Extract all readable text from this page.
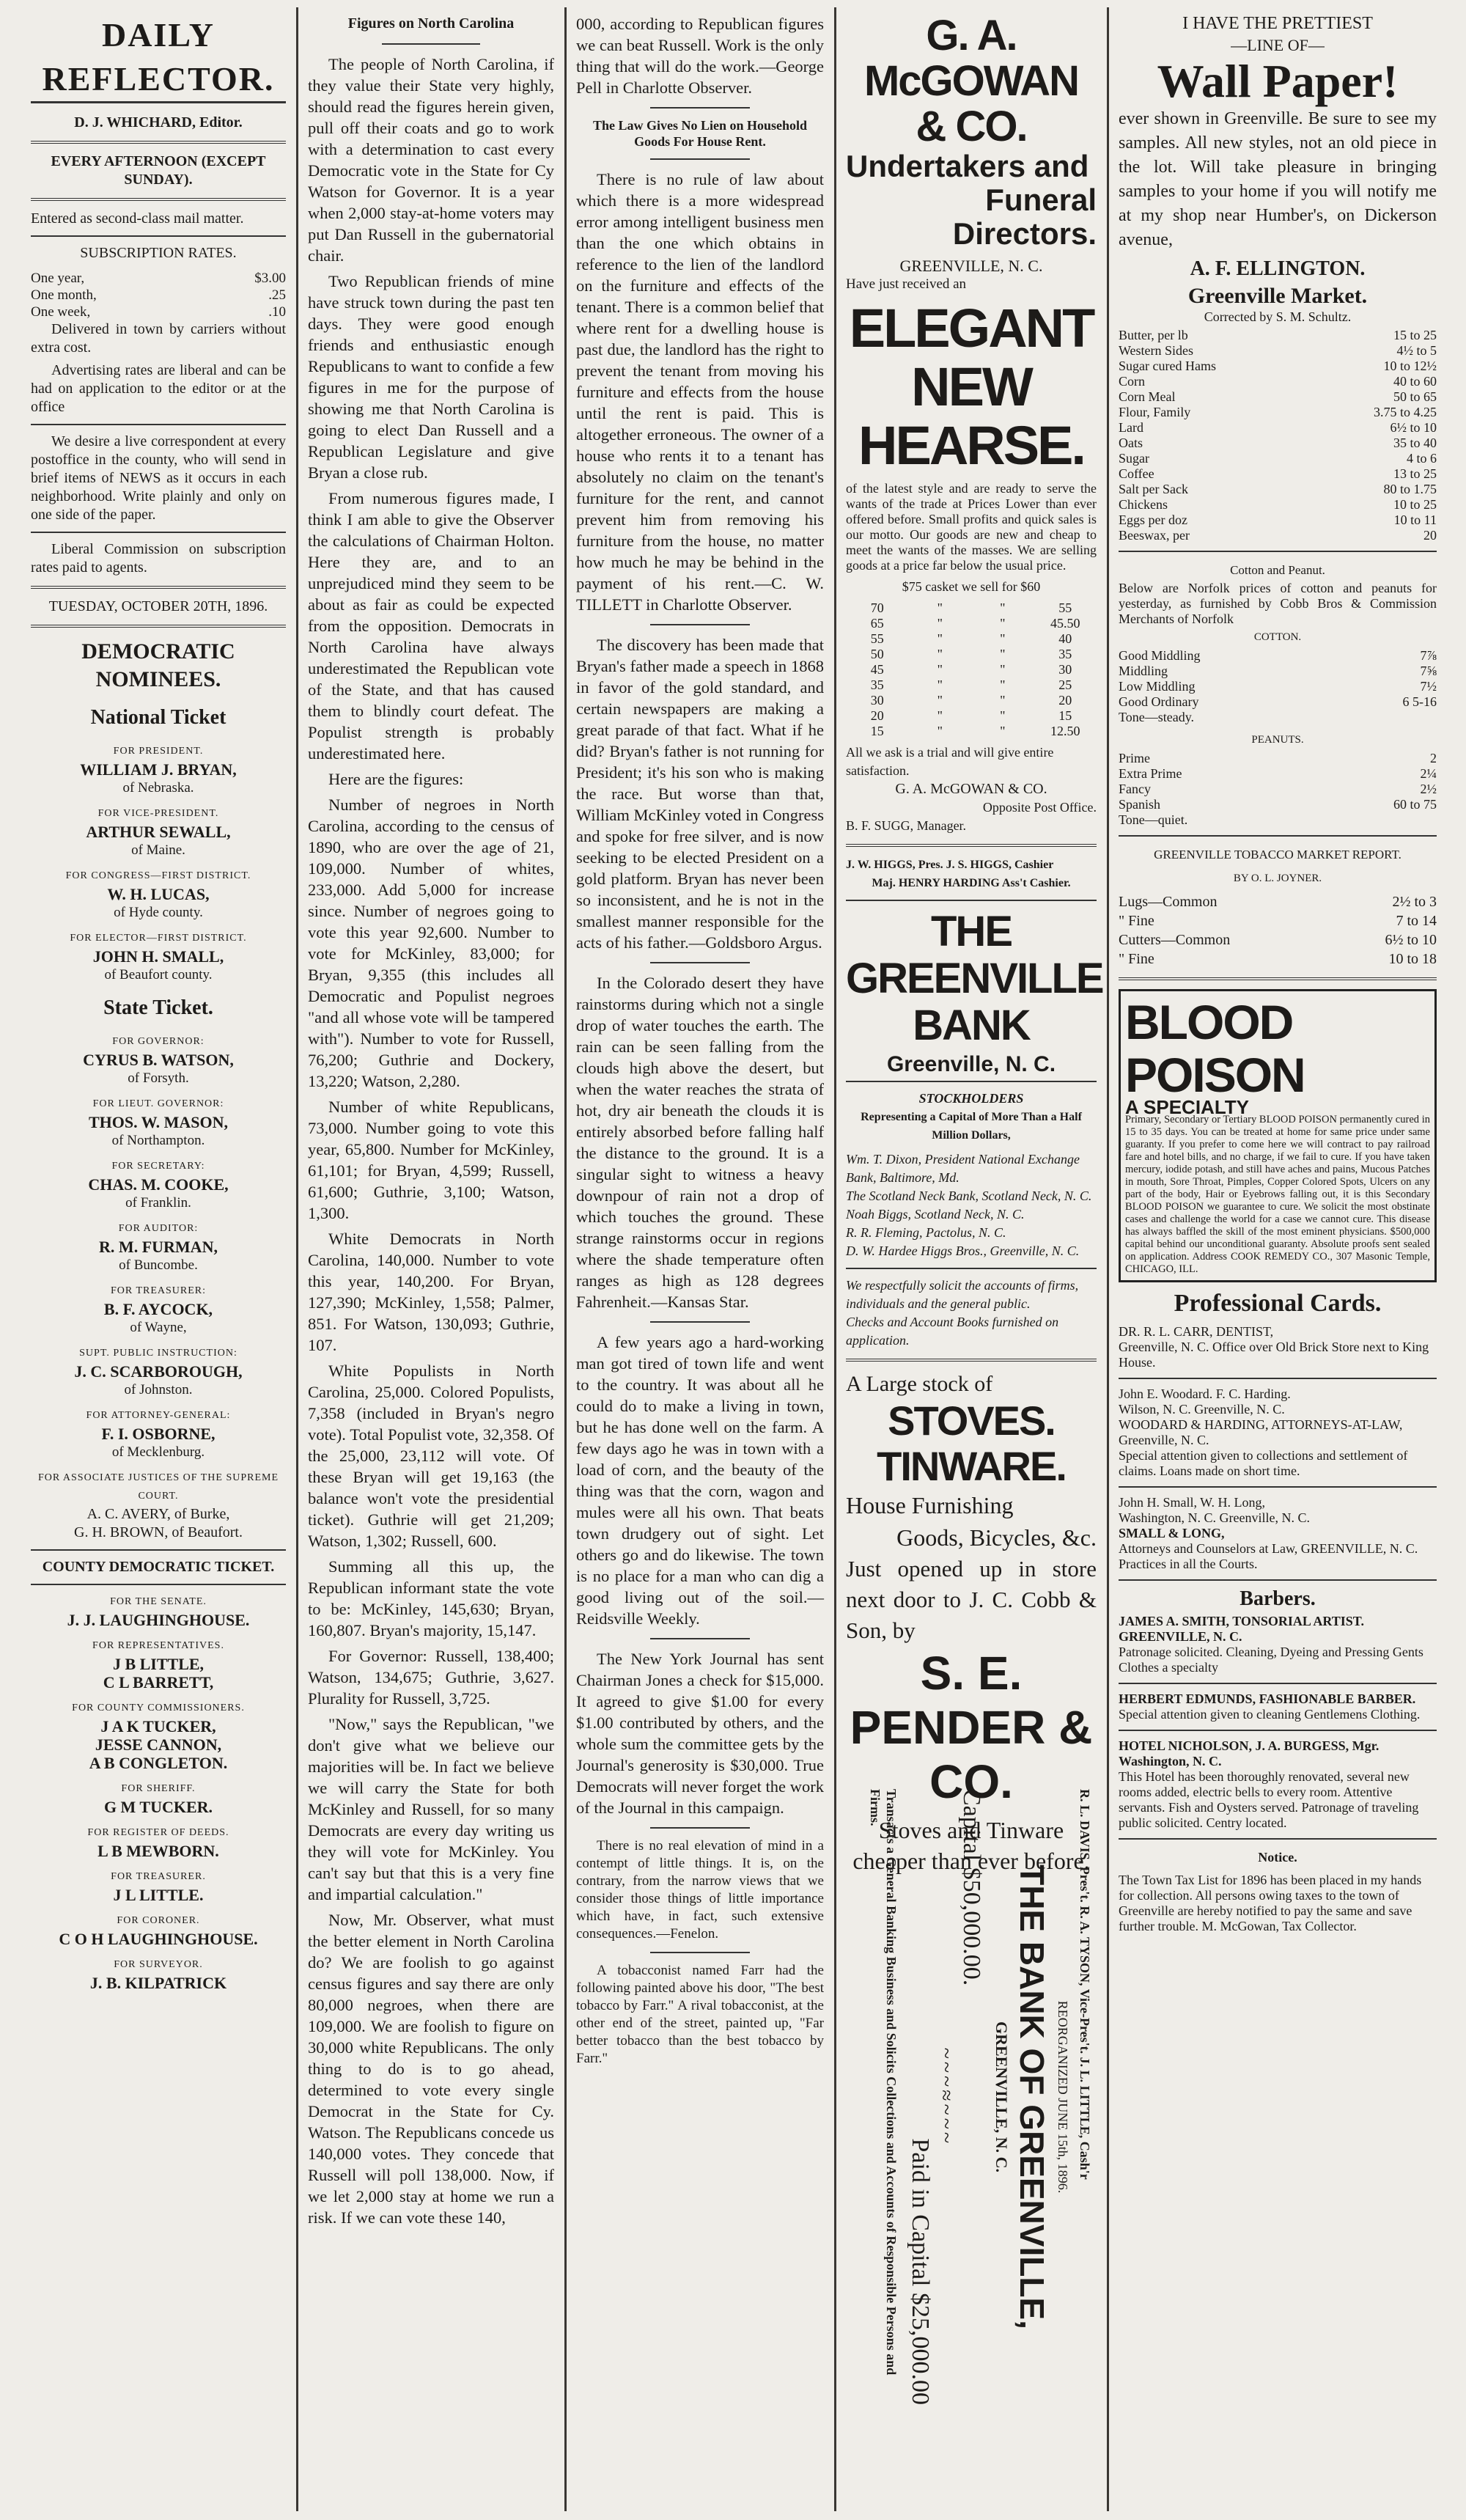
DAILY REFLECTOR.
D. J. WHICHARD, Editor.
EVERY AFTERNOON (EXCEPT SUNDAY).
Entered as second-class mail matter.
SUBSCRIPTION RATES.
One year,	$3.00
One month,	.25
One week,	.10

Delivered in town by carriers without extra cost.

Advertising rates are liberal and can be had on application to the editor or at the office

We desire a live correspondent at every postoffice in the county, who will send in brief items of NEWS as it occurs in each neighborhood. Write plainly and only on one side of the paper.

Liberal Commission on subscription rates paid to agents.

TUESDAY, OCTOBER 20TH, 1896.
DEMOCRATIC NOMINEES.
National Ticket
FOR PRESIDENT.
WILLIAM J. BRYAN,
of Nebraska.
FOR VICE-PRESIDENT.
ARTHUR SEWALL,
of Maine.
FOR CONGRESS—FIRST DISTRICT.
W. H. LUCAS,
of Hyde county.
FOR ELECTOR—FIRST DISTRICT.
JOHN H. SMALL,
of Beaufort county.
State Ticket.
FOR GOVERNOR:
CYRUS B. WATSON,
of Forsyth.
FOR LIEUT. GOVERNOR:
THOS. W. MASON,
of Northampton.
FOR SECRETARY:
CHAS. M. COOKE,
of Franklin.
FOR AUDITOR:
R. M. FURMAN,
of Buncombe.
FOR TREASURER:
B. F. AYCOCK,
of Wayne,
SUPT. PUBLIC INSTRUCTION:
J. C. SCARBOROUGH,
of Johnston.
FOR ATTORNEY-GENERAL:
F. I. OSBORNE,
of Mecklenburg.
FOR ASSOCIATE JUSTICES OF THE SUPREME COURT.
A. C. AVERY, of Burke,
G. H. BROWN, of Beaufort.
COUNTY DEMOCRATIC TICKET.
FOR THE SENATE.
J. J. LAUGHINGHOUSE.
FOR REPRESENTATIVES.
J B LITTLE,
C L BARRETT,
FOR COUNTY COMMISSIONERS.
J A K TUCKER,
JESSE CANNON,
A B CONGLETON.
FOR SHERIFF.
G M TUCKER.
FOR REGISTER OF DEEDS.
L B MEWBORN.
FOR TREASURER.
J L LITTLE.
FOR CORONER.
C O H LAUGHINGHOUSE.
FOR SURVEYOR.
J. B. KILPATRICK
Figures on North Carolina

The people of North Carolina, if they value their State very highly, should read the figures herein given, pull off their coats and go to work with a determination to cast every Democratic vote in the State for Cy Watson for Governor. It is a year when 2,000 stay-at-home voters may put Dan Russell in the gubernatorial chair.

Two Republican friends of mine have struck town during the past ten days. They were good enough friends and enthusiastic enough Republicans to want to confide a few figures in me for the purpose of showing me that North Carolina is going to elect Dan Russell and a Republican Legislature and give Bryan a close rub.

From numerous figures made, I think I am able to give the Observer the calculations of Chairman Holton. Here they are, and to an unprejudiced mind they seem to be about as fair as could be expected from the opposition. Democrats in North Carolina have always underestimated the Republican vote of the State, and that has caused them to blindly court defeat. The Populist strength is probably underestimated here.

Here are the figures:

Number of negroes in North Carolina, according to the census of 1890, who are over the age of 21, 109,000. Number of whites, 233,000. Add 5,000 for increase since. Number of negroes going to vote this year 92,600. Number to vote for McKinley, 83,000; for Bryan, 9,355 (this includes all Democratic and Populist negroes "and all whose vote will be tampered with"). Number to vote for Russell, 76,200; Guthrie and Dockery, 13,220; Watson, 2,280.

Number of white Republicans, 73,000. Number going to vote this year, 65,800. Number for McKinley, 61,101; for Bryan, 4,599; Russell, 61,600; Guthrie, 3,100; Watson, 1,300.

White Democrats in North Carolina, 140,000. Number to vote this year, 140,200. For Bryan, 127,390; McKinley, 1,558; Palmer, 851. For Watson, 130,093; Guthrie, 107.

White Populists in North Carolina, 25,000. Colored Populists, 7,358 (included in Bryan's negro vote). Total Populist vote, 32,358. Of the 25,000, 23,112 will vote. Of these Bryan will get 19,163 (the balance won't vote the presidential ticket). Guthrie will get 21,209; Watson, 1,302; Russell, 600.

Summing all this up, the Republican informant state the vote to be: McKinley, 145,630; Bryan, 160,807. Bryan's majority, 15,147.

For Governor: Russell, 138,400; Watson, 134,675; Guthrie, 3,627. Plurality for Russell, 3,725.

"Now," says the Republican, "we don't give what we believe our majorities will be. In fact we believe we will carry the State for both McKinley and Russell, for so many Democrats are every day writing us they will vote for McKinley. You can't say but that this is a very fine and impartial calculation."

Now, Mr. Observer, what must the better element in North Carolina do? We are foolish to go against census figures and say there are only 80,000 negroes, when there are 109,000. We are foolish to figure on 30,000 white Republicans. The only thing to do is to go ahead, determined to vote every single Democrat in the State for Cy. Watson. The Republicans concede us 140,000 votes. They concede that Russell will poll 138,000. Now, if we let 2,000 stay at home we run a risk. If we can vote these 140,

000, according to Republican figures we can beat Russell. Work is the only thing that will do the work.—George Pell in Charlotte Observer.

The Law Gives No Lien on Household Goods For House Rent.

There is no rule of law about which there is a more widespread error among intelligent business men than the one which obtains in reference to the lien of the landlord on the furniture and effects of the tenant. There is a common belief that where rent for a dwelling house is past due, the landlord has the right to prevent the tenant from moving his furniture and effects from the house until the rent is paid. This is altogether erroneous. The owner of a house who rents it to a tenant has absolutely no claim on the tenant's furniture for the rent, and cannot prevent him from removing his furniture from the house, no matter how much he may be behind in the payment of his rent.—C. W. TILLETT in Charlotte Observer.

The discovery has been made that Bryan's father made a speech in 1868 in favor of the gold standard, and certain newspapers are making a great parade of that fact. What if he did? Bryan's father is not running for President; it's his son who is making the race. But worse than that, William McKinley voted in Congress and spoke for free silver, and is now seeking to be elected President on a gold platform. Bryan has never been so inconsistent, and he is not in the smallest manner responsible for the acts of his father.—Goldsboro Argus.

In the Colorado desert they have rainstorms during which not a single drop of water touches the earth. The rain can be seen falling from the clouds high above the desert, but when the water reaches the strata of hot, dry air beneath the clouds it is entirely absorbed before falling half the distance to the ground. It is a singular sight to witness a heavy downpour of rain not a drop of which touches the ground. These strange rainstorms occur in regions where the shade temperature often ranges as high as 128 degrees Fahrenheit.—Kansas Star.

A few years ago a hard-working man got tired of town life and went to the country. It was about all he could do to make a living in town, but he has done well on the farm. A few days ago he was in town with a load of corn, and the beauty of the thing was that the corn, wagon and mules were all his own. That beats town drudgery out of sight. Let others go and do likewise. The town is no place for a man who can dig a good living out of the soil.—Reidsville Weekly.

The New York Journal has sent Chairman Jones a check for $15,000. It agreed to give $1.00 for every $1.00 contributed by others, and the whole sum the committee gets by the Journal's generosity is $30,000. True Democrats will never forget the work of the Journal in this campaign.

There is no real elevation of mind in a contempt of little things. It is, on the contrary, from the narrow views that we consider those things of little importance which have, in fact, such extensive consequences.—Fenelon.

A tobacconist named Farr had the following painted above his door, "The best tobacco by Farr." A rival tobacconist, at the other end of the street, painted up, "Far better tobacco than the best tobacco by Farr."

G. A. McGOWAN & CO.
Undertakers and
Funeral Directors.
GREENVILLE, N. C.
Have just received an
ELEGANT NEW HEARSE.

of the latest style and are ready to serve the wants of the trade at Prices Lower than ever offered before. Small profits and quick sales is our motto. Our goods are new and cheap to meet the wants of the masses. We are selling goods at a price far below the usual price.

$75 casket we sell for $60
70	"	"	55
65	"	"	45.50
55	"	"	40
50	"	"	35
45	"	"	30
35	"	"	25
30	"	"	20
20	"	"	15
15	"	"	12.50
All we ask is a trial and will give entire satisfaction.
G. A. McGOWAN & CO.
Opposite Post Office.
B. F. SUGG, Manager.
J. W. HIGGS, Pres. J. S. HIGGS, Cashier
Maj. HENRY HARDING Ass't Cashier.
THE GREENVILLE BANK
Greenville, N. C.
STOCKHOLDERS
Representing a Capital of More Than a Half Million Dollars,
Wm. T. Dixon, President National Exchange Bank, Baltimore, Md.
The Scotland Neck Bank, Scotland Neck, N. C.
Noah Biggs, Scotland Neck, N. C.
R. R. Fleming, Pactolus, N. C.
D. W. Hardee Higgs Bros., Greenville, N. C.
We respectfully solicit the accounts of firms, individuals and the general public.
Checks and Account Books furnished on application.
A Large stock of
STOVES. TINWARE.
House Furnishing
Goods, Bicycles, &c.
Just opened up in store next door to J. C. Cobb & Son, by
S. E. PENDER & CO.
Stoves and Tinware cheaper than ever before.
R. L. DAVIS, Pres't. R. A. TYSON, Vice-Pres't. J. L. LITTLE, Cash'r
REORGANIZED JUNE 15th, 1896.
THE BANK OF GREENVILLE,
GREENVILLE, N. C.
Capital $50,000.00.
~~~≈~~~
Paid in Capital $25,000.00
Transacts a General Banking Business and Solicits Collections and Accounts of Responsible Persons and Firms.
I HAVE THE PRETTIEST
—LINE OF—
Wall Paper!

ever shown in Greenville. Be sure to see my samples. All new styles, not an old piece in the lot. Will take pleasure in bringing samples to your home if you will notify me at my shop near Humber's, on Dickerson avenue,

A. F. ELLINGTON.
Greenville Market.
Corrected by S. M. Schultz.
Butter, per lb	15 to 25
Western Sides	4½ to 5
Sugar cured Hams	10 to 12½
Corn	40 to 60
Corn Meal	50 to 65
Flour, Family	3.75 to 4.25
Lard	6½ to 10
Oats	35 to 40
Sugar	4 to 6
Coffee	13 to 25
Salt per Sack	80 to 1.75
Chickens	10 to 25
Eggs per doz	10 to 11
Beeswax, per	20
Cotton and Peanut.
Below are Norfolk prices of cotton and peanuts for yesterday, as furnished by Cobb Bros & Commission Merchants of Norfolk
COTTON.
Good Middling	7⅞
Middling	7⅝
Low Middling	7½
Good Ordinary	6 5-16
Tone—steady.
PEANUTS.
Prime	2
Extra Prime	2¼
Fancy	2½
Spanish	60 to 75
Tone—quiet.
GREENVILLE TOBACCO MARKET REPORT.
BY O. L. JOYNER.
Lugs—Common	2½ to 3
" Fine	7 to 14
Cutters—Common	6½ to 10
" Fine	10 to 18
BLOOD POISON
A SPECIALTY
Primary, Secondary or Tertiary BLOOD POISON permanently cured in 15 to 35 days. You can be treated at home for same price under same guaranty. If you prefer to come here we will contract to pay railroad fare and hotel bills, and no charge, if we fail to cure. If you have taken mercury, iodide potash, and still have aches and pains, Mucous Patches in mouth, Sore Throat, Pimples, Copper Colored Spots, Ulcers on any part of the body, Hair or Eyebrows falling out, it is this Secondary BLOOD POISON we guarantee to cure. We solicit the most obstinate cases and challenge the world for a case we cannot cure. This disease has always baffled the skill of the most eminent physicians. $500,000 capital behind our unconditional guaranty. Absolute proofs sent sealed on application. Address COOK REMEDY CO., 307 Masonic Temple, CHICAGO, ILL.
Professional Cards.
DR. R. L. CARR, DENTIST,
Greenville, N. C. Office over Old Brick Store next to King House.
John E. Woodard. F. C. Harding.
Wilson, N. C. Greenville, N. C.
WOODARD & HARDING, ATTORNEYS-AT-LAW, Greenville, N. C.
Special attention given to collections and settlement of claims. Loans made on short time.
John H. Small, W. H. Long,
Washington, N. C. Greenville, N. C.
SMALL & LONG,
Attorneys and Counselors at Law, GREENVILLE, N. C.
Practices in all the Courts.
Barbers.
JAMES A. SMITH, TONSORIAL ARTIST. GREENVILLE, N. C.
Patronage solicited. Cleaning, Dyeing and Pressing Gents Clothes a specialty
HERBERT EDMUNDS, FASHIONABLE BARBER.
Special attention given to cleaning Gentlemens Clothing.
HOTEL NICHOLSON, J. A. BURGESS, Mgr. Washington, N. C.
This Hotel has been thoroughly renovated, several new rooms added, electric bells to every room. Attentive servants. Fish and Oysters served. Patronage of traveling public solicited. Centry located.
Notice.
The Town Tax List for 1896 has been placed in my hands for collection. All persons owing taxes to the town of Greenville are hereby notified to pay the same and save further trouble. M. McGowan, Tax Collector.
